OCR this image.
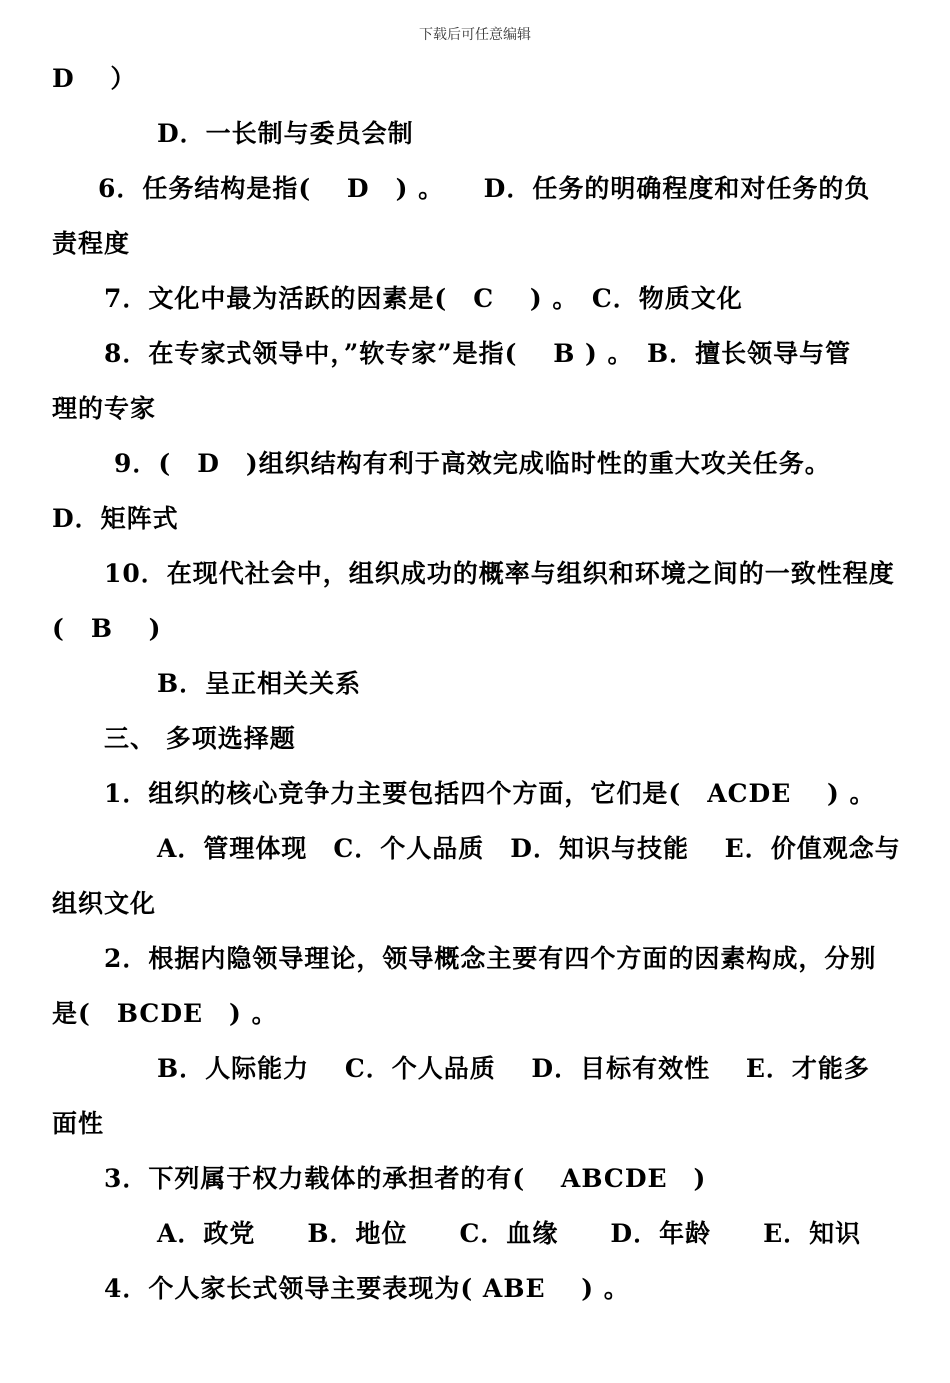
下载后可任意编辑
D　 ）
D．一长制与委员会制
6．任务结构是指(　 D　) 。　　D．任务的明确程度和对任务的负
责程度
7．文化中最为活跃的因素是(　C　 ) 。　C．物质文化
8．在专家式领导中，”软专家”是指(　 B ) 。　B．擅长领导与管
理的专家
9．(　D　)组织结构有利于高效完成临时性的重大攻关任务。
D．矩阵式
10．在现代社会中，组织成功的概率与组织和环境之间的一致性程度
(　B　 )
B．呈正相关关系
三、 多项选择题
1．组织的核心竞争力主要包括四个方面，它们是(　ACDE　 ) 。
A．管理体现　C．个人品质　D．知识与技能　 E．价值观念与
组织文化
2．根据内隐领导理论，领导概念主要有四个方面的因素构成，分别
是(　BCDE　) 。
B．人际能力　 C．个人品质　 D．目标有效性　 E．才能多
面性
3．下列属于权力载体的承担者的有(　 ABCDE　)
A．政党　　B．地位　　C．血缘　　D．年龄　　E．知识
4．个人家长式领导主要表现为( ABE　 ) 。
